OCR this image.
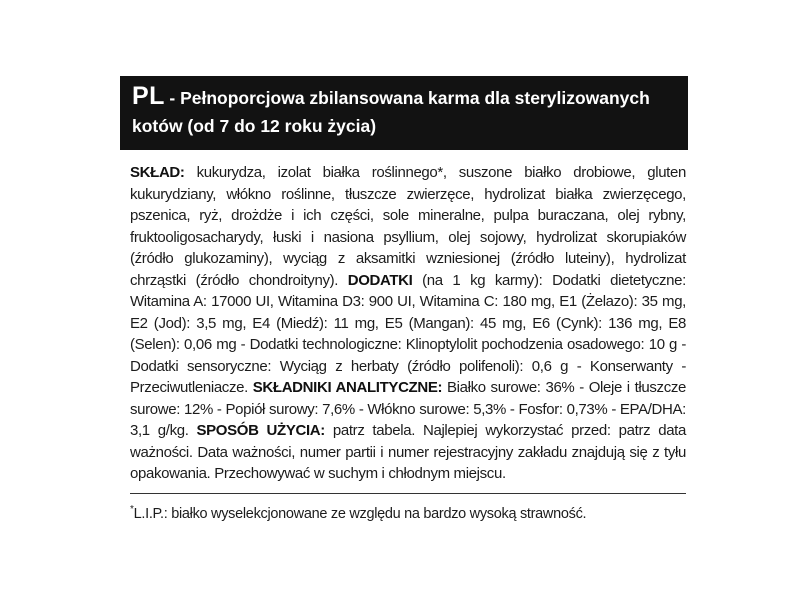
PL - Pełnoporcjowa zbilansowana karma dla sterylizowanych kotów (od 7 do 12 roku życia)
SKŁAD: kukurydza, izolat białka roślinnego*, suszone białko drobiowe, gluten kukurydziany, włókno roślinne, tłuszcze zwierzęce, hydrolizat białka zwierzęcego, pszenica, ryż, drożdże i ich części, sole mineralne, pulpa buraczana, olej rybny, fruktooligosacharydy, łuski i nasiona psyllium, olej sojowy, hydrolizat skorupiaków (źródło glukozaminy), wyciąg z aksamitki wzniesionej (źródło luteiny), hydrolizat chrząstki (źródło chondroityny). DODATKI (na 1 kg karmy): Dodatki dietetyczne: Witamina A: 17000 UI, Witamina D3: 900 UI, Witamina C: 180 mg, E1 (Żelazo): 35 mg, E2 (Jod): 3,5 mg, E4 (Miedź): 11 mg, E5 (Mangan): 45 mg, E6 (Cynk): 136 mg, E8 (Selen): 0,06 mg - Dodatki technologiczne: Klinoptylolit pochodzenia osadowego: 10 g - Dodatki sensoryczne: Wyciąg z herbaty (źródło polifenoli): 0,6 g - Konserwanty - Przeciwutleniacze. SKŁADNIKI ANALITYCZNE: Białko surowe: 36% - Oleje i tłuszcze surowe: 12% - Popiół surowy: 7,6% - Włókno surowe: 5,3% - Fosfor: 0,73% - EPA/DHA: 3,1 g/kg. SPOSÓB UŻYCIA: patrz tabela. Najlepiej wykorzystać przed: patrz data ważności. Data ważności, numer partii i numer rejestracyjny zakładu znajdują się z tyłu opakowania. Przechowywać w suchym i chłodnym miejscu.
*L.I.P.: białko wyselekcjonowane ze względu na bardzo wysoką strawność.
